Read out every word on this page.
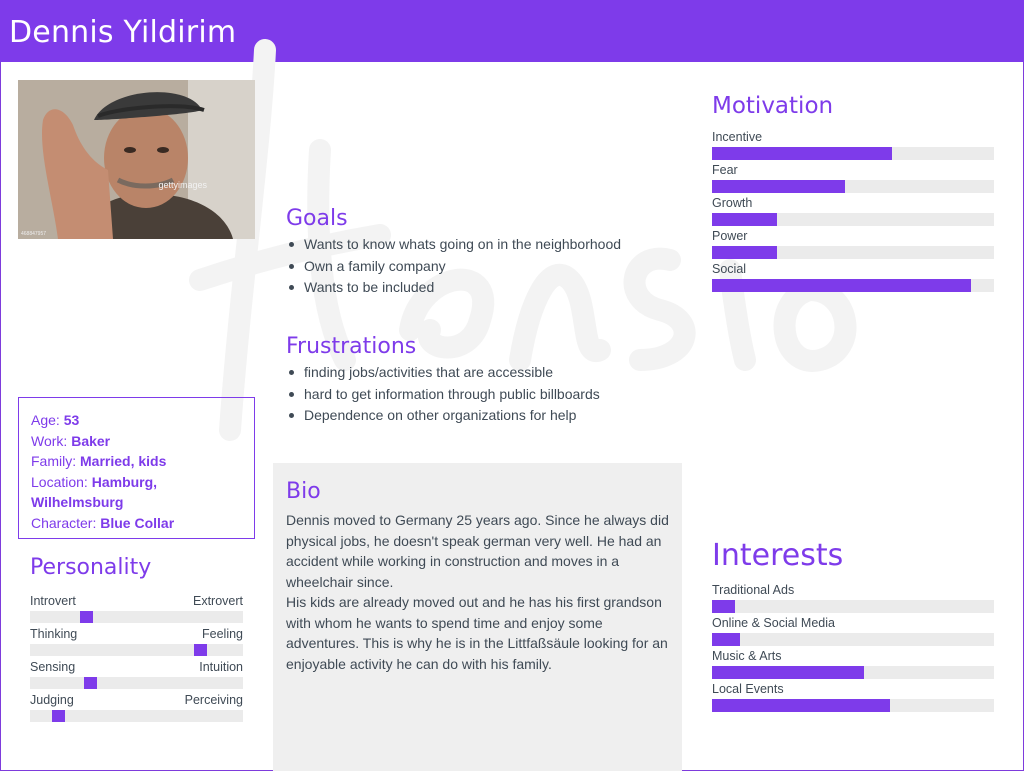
Dennis Yildirim
gettyimages
468847957
Goals
Wants to know whats going on in the neighborhood
Own a family company
Wants to be included
Frustrations
finding jobs/activities that are accessible
hard to get information through public billboards
Dependence on other organizations for help
Age: 53
Work: Baker
Family: Married, kids
Location: Hamburg, Wilhelmsburg
Character: Blue Collar
Personality
Introvert	Extrovert
Thinking	Feeling
Sensing	Intuition
Judging	Perceiving
Bio

Dennis moved to Germany 25 years ago. Since he always did physical jobs, he doesn't speak german very well. He had an accident while working in construction and moves in a wheelchair since.

His kids are already moved out and he has his first grandson with whom he wants to spend time and enjoy some adventures. This is why he is in the Littfaßsäule looking for an enjoyable activity he can do with his family.

Motivation
Incentive
Fear
Growth
Power
Social
Interests
Traditional Ads
Online & Social Media
Music & Arts
Local Events
